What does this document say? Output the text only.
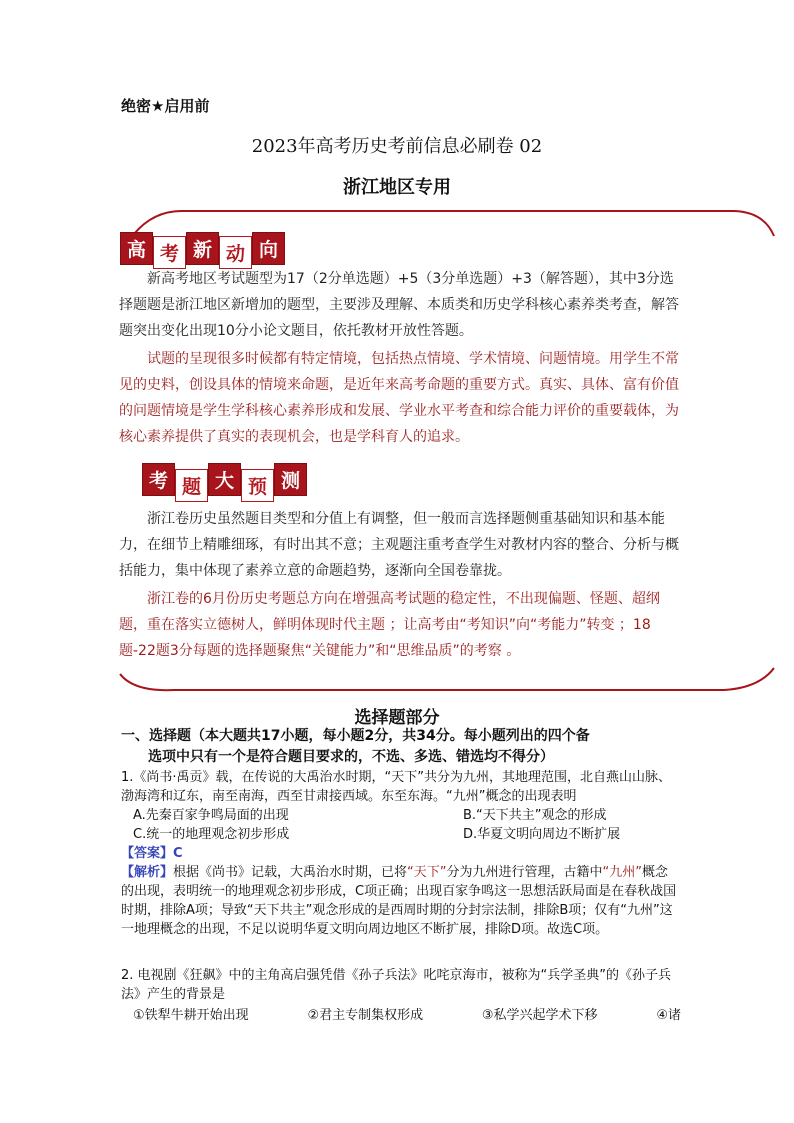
绝密★启用前
2023年高考历史考前信息必刷卷 02
浙江地区专用
高 考 新 动 向

新高考地区考试题型为17（2分单选题）+5（3分单选题）+3（解答题），其中3分选择题题是浙江地区新增加的题型，主要涉及理解、本质类和历史学科核心素养类考查，解答题突出变化出现10分小论文题目，依托教材开放性答题。

试题的呈现很多时候都有特定情境，包括热点情境、学术情境、问题情境。用学生不常见的史料，创设具体的情境来命题，是近年来高考命题的重要方式。真实、具体、富有价值的问题情境是学生学科核心素养形成和发展、学业水平考查和综合能力评价的重要载体，为核心素养提供了真实的表现机会，也是学科育人的追求。

考 题 大 预 测

浙江卷历史虽然题目类型和分值上有调整，但一般而言选择题侧重基础知识和基本能力，在细节上精雕细琢，有时出其不意；主观题注重考查学生对教材内容的整合、分析与概括能力，集中体现了素养立意的命题趋势，逐渐向全国卷靠拢。

浙江卷的6月份历史考题总方向在增强高考试题的稳定性，不出现偏题、怪题、超纲题，重在落实立德树人，鲜明体现时代主题 ；让高考由“考知识”向“考能力”转变 ；18题-22题3分每题的选择题聚焦“关键能力”和“思维品质”的考察 。

选择题部分
一、选择题（本大题共17小题，每小题2分，共34分。每小题列出的四个备
选项中只有一个是符合题目要求的，不选、多选、错选均不得分）
1.《尚书·禹贡》载，在传说的大禹治水时期，“天下”共分为九州，其地理范围，北自燕山山脉、渤海湾和辽东，南至南海，西至甘肃接西域。东至东海。“九州”概念的出现表明
A.先秦百家争鸣局面的出现	B.“天下共主”观念的形成
C.统一的地理观念初步形成	D.华夏文明向周边不断扩展
【答案】C
【解析】根据《尚书》记载，大禹治水时期，已将“天下”分为九州进行管理，古籍中“九州”概念的出现，表明统一的地理观念初步形成，C项正确；出现百家争鸣这一思想活跃局面是在春秋战国时期，排除A项；导致“天下共主”观念形成的是西周时期的分封宗法制，排除B项；仅有“九州”这一地理概念的出现，不足以说明华夏文明向周边地区不断扩展，排除D项。故选C项。
2. 电视剧《狂飙》中的主角高启强凭借《孙子兵法》叱咤京海市，被称为“兵学圣典”的《孙子兵法》产生的背景是
①铁犁牛耕开始出现	②君主专制集权形成	③私学兴起学术下移	④诸
